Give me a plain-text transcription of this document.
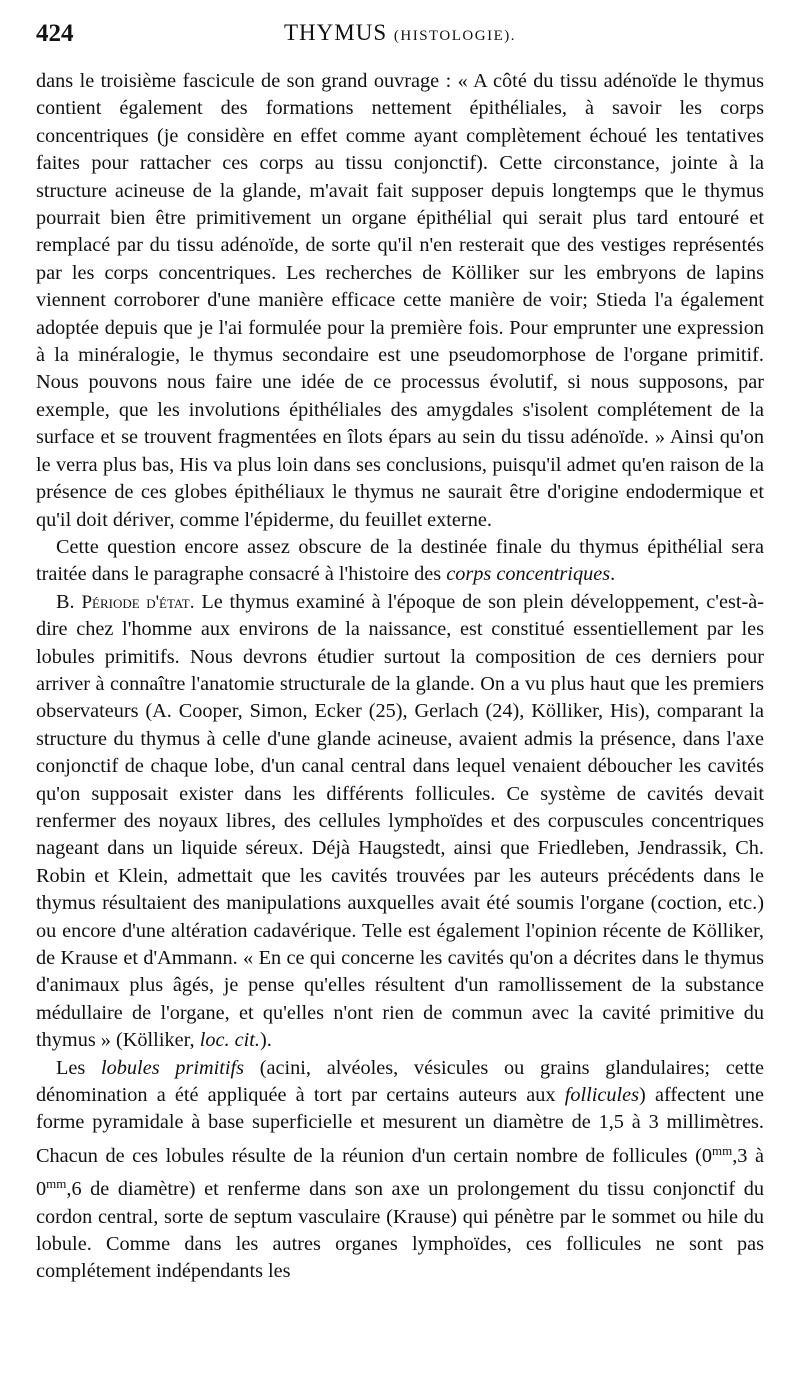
424	THYMUS (HISTOLOGIE).

dans le troisième fascicule de son grand ouvrage : « A côté du tissu adénoïde le thymus contient également des formations nettement épithéliales, à savoir les corps concentriques (je considère en effet comme ayant complètement échoué les tentatives faites pour rattacher ces corps au tissu conjonctif). Cette circonstance, jointe à la structure acineuse de la glande, m'avait fait supposer depuis longtemps que le thymus pourrait bien être primitivement un organe épithélial qui serait plus tard entouré et remplacé par du tissu adénoïde, de sorte qu'il n'en resterait que des vestiges représentés par les corps concentriques. Les recherches de Kölliker sur les embryons de lapins viennent corroborer d'une manière efficace cette manière de voir; Stieda l'a également adoptée depuis que je l'ai formulée pour la première fois. Pour emprunter une expression à la minéralogie, le thymus secondaire est une pseudomorphose de l'organe primitif. Nous pouvons nous faire une idée de ce processus évolutif, si nous supposons, par exemple, que les involutions épithéliales des amygdales s'isolent complétement de la surface et se trouvent fragmentées en îlots épars au sein du tissu adénoïde. » Ainsi qu'on le verra plus bas, His va plus loin dans ses conclusions, puisqu'il admet qu'en raison de la présence de ces globes épithéliaux le thymus ne saurait être d'origine endodermique et qu'il doit dériver, comme l'épiderme, du feuillet externe.

Cette question encore assez obscure de la destinée finale du thymus épithélial sera traitée dans le paragraphe consacré à l'histoire des corps concentriques.

B. Période d'état. Le thymus examiné à l'époque de son plein développement, c'est-à-dire chez l'homme aux environs de la naissance, est constitué essentiellement par les lobules primitifs. Nous devrons étudier surtout la composition de ces derniers pour arriver à connaître l'anatomie structurale de la glande. On a vu plus haut que les premiers observateurs (A. Cooper, Simon, Ecker (25), Gerlach (24), Kölliker, His), comparant la structure du thymus à celle d'une glande acineuse, avaient admis la présence, dans l'axe conjonctif de chaque lobe, d'un canal central dans lequel venaient déboucher les cavités qu'on supposait exister dans les différents follicules. Ce système de cavités devait renfermer des noyaux libres, des cellules lymphoïdes et des corpuscules concentriques nageant dans un liquide séreux. Déjà Haugstedt, ainsi que Friedleben, Jendrassik, Ch. Robin et Klein, admettait que les cavités trouvées par les auteurs précédents dans le thymus résultaient des manipulations auxquelles avait été soumis l'organe (coction, etc.) ou encore d'une altération cadavérique. Telle est également l'opinion récente de Kölliker, de Krause et d'Ammann. « En ce qui concerne les cavités qu'on a décrites dans le thymus d'animaux plus âgés, je pense qu'elles résultent d'un ramollissement de la substance médullaire de l'organe, et qu'elles n'ont rien de commun avec la cavité primitive du thymus » (Kölliker, loc. cit.).

Les lobules primitifs (acini, alvéoles, vésicules ou grains glandulaires; cette dénomination a été appliquée à tort par certains auteurs aux follicules) affectent une forme pyramidale à base superficielle et mesurent un diamètre de 1,5 à 3 millimètres. Chacun de ces lobules résulte de la réunion d'un certain nombre de follicules ($0^{mm},3$ à $0^{mm},6$ de diamètre) et renferme dans son axe un prolongement du tissu conjonctif du cordon central, sorte de septum vasculaire (Krause) qui pénètre par le sommet ou hile du lobule. Comme dans les autres organes lymphoïdes, ces follicules ne sont pas complétement indépendants les
